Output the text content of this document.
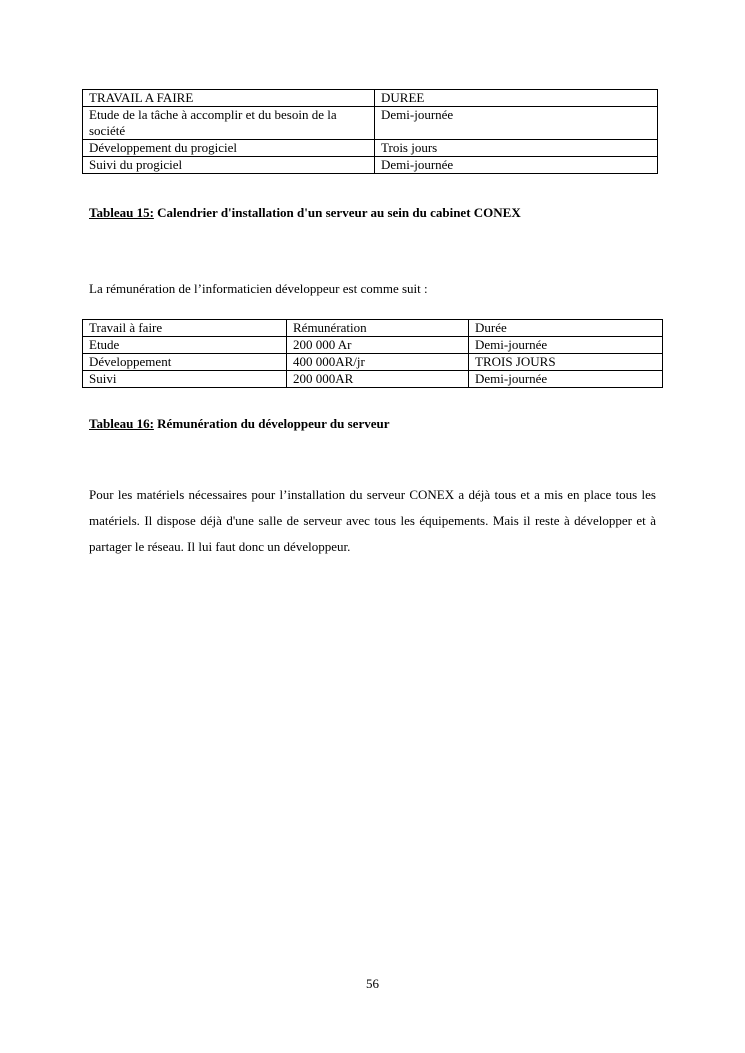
TRAVAIL A FAIRE	DUREE
Etude de la tâche à accomplir et du besoin de la société	Demi-journée
Développement du progiciel	Trois jours
Suivi du progiciel	Demi-journée
Tableau 15: Calendrier d'installation d'un serveur au sein du cabinet CONEX
La rémunération de l’informaticien développeur est comme suit :
Travail à faire	Rémunération	Durée
Etude	200 000 Ar	Demi-journée
Développement	400 000AR/jr	TROIS JOURS
Suivi	200 000AR	Demi-journée
Tableau 16: Rémunération du développeur du serveur
Pour les matériels nécessaires pour l’installation du serveur CONEX a déjà tous et a mis en place tous les matériels. Il dispose déjà d'une salle de serveur avec tous les équipements. Mais il reste à développer et à partager le réseau. Il lui faut donc un développeur.
56
